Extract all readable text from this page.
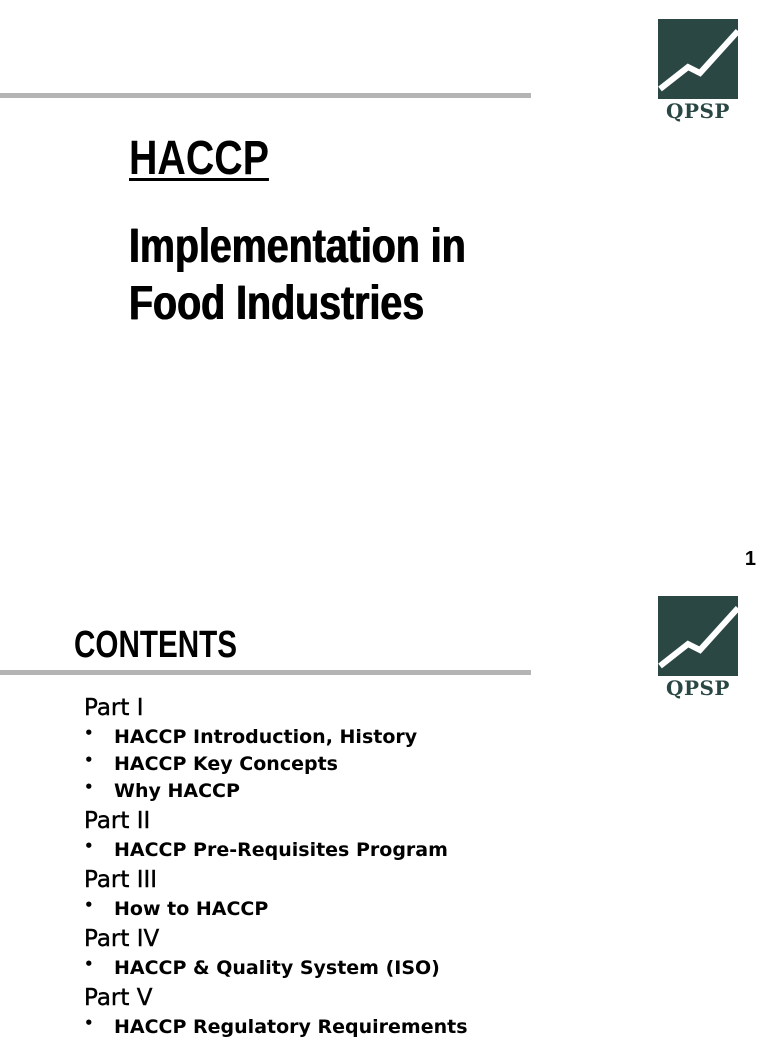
QPSP
HACCP
Implementation in Food Industries
1
QPSP
CONTENTS
Part I
• HACCP Introduction, History
• HACCP Key Concepts
• Why HACCP
Part II
• HACCP Pre-Requisites Program
Part III
• How to HACCP
Part IV
• HACCP & Quality System (ISO)
Part V
• HACCP Regulatory Requirements
